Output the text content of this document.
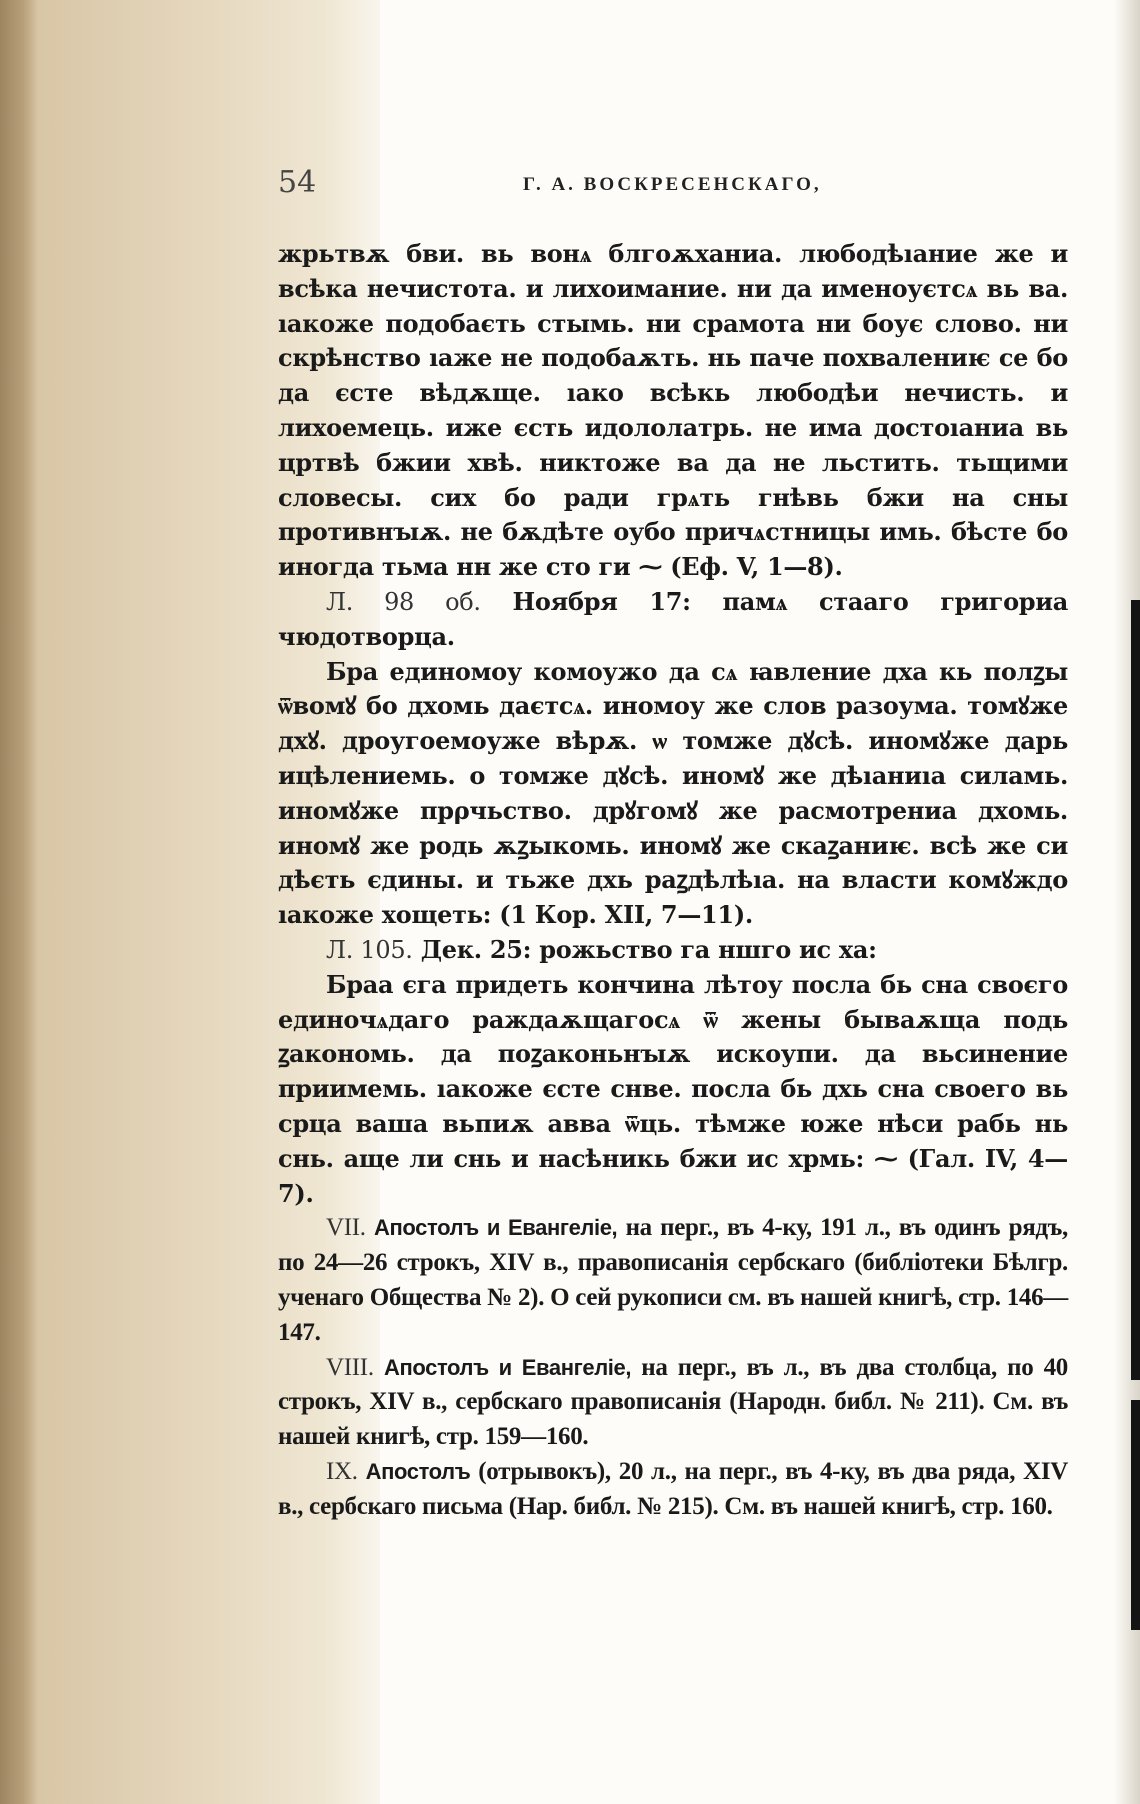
54	Г. А. ВОСКРЕСЕНСКАГО,

жрьтвѫ бви. вь вонѧ блгоѫханиа. любодѣıание же и всѣка нечистота. и лихоимание. ни да именоуєтсѧ вь ва. ıакоже подобаєть стымь. ни срамота ни боує слово. ни скрѣнство ıаже не подобаѫть. нь паче похвалениѥ се бо да єсте вѣдѫще. ıако всѣкь любодѣи нечисть. и лихоемець. иже єсть идололатрь. не има достоıаниа вь цртвѣ бжии хвѣ. никтоже ва да не льстить. тьщими словесы. сих бо ради грѧть гнѣвь бжи на сны противнꙑѫ. не бѫдѣте оубо причѧстницы имь. бѣсте бо иногда тьма нн же сто ги ⁓ (Еф. V, 1—8).

Л. 98 об. Ноября 17: памѧ стааго григориа чюдотворца.

Бра единомоу комоужо да сѧ ꙗвление дха кь полꙁы ѿвомꙋ бо дхомь даєтсѧ. иномоу же слов разоума. томꙋже дхꙋ. дроугоемоуже вѣрѫ. ѡ томже дꙋсѣ. иномꙋже дарь ицѣлениемь. о томже дꙋсѣ. иномꙋ же дѣıаниıа силамь. иномꙋже прρчьство. дрꙋгомꙋ же расмотрениа дхомь. иномꙋ же родь ѫꙁыкомь. иномꙋ же скаꙁаниѥ. всѣ же си дѣєть єдины. и тьже дхь раꙁдѣлѣıа. на власти комꙋждо ıакоже хощеть: (1 Кор. XII, 7—11).

Л. 105. Дек. 25: рожьство га ншго ис ха:

Браа єга придеть кончина лѣтоу посла бь сна своєго единочѧдаго раждаѫщагосѧ ѿ жены бываѫща подь ꙁакономь. да поꙁаконьнꙑѫ искоупи. да вьсинение приимемь. ıакоже єсте снве. посла бь дхь сна своего вь срца ваша вьпиѫ авва ѿць. тѣмже юже нѣси рабь нь снь. аще ли снь и насѣникь бжи ис хрмь: ⁓ (Гал. IV, 4—7).

VII. Апостолъ и Евангеліе, на перг., въ 4-ку, 191 л., въ одинъ рядъ, по 24—26 строкъ, XIV в., правописанія сербскаго (библіотеки Бѣлгр. ученаго Общества № 2). О сей рукописи см. въ нашей книгѣ, стр. 146—147.

VIII. Апостолъ и Евангеліе, на перг., въ л., въ два столбца, по 40 строкъ, XIV в., сербскаго правописанія (Народн. библ. № 211). См. въ нашей книгѣ, стр. 159—160.

IX. Апостолъ (отрывокъ), 20 л., на перг., въ 4-ку, въ два ряда, XIV в., сербскаго письма (Нар. библ. № 215). См. въ нашей книгѣ, стр. 160.
